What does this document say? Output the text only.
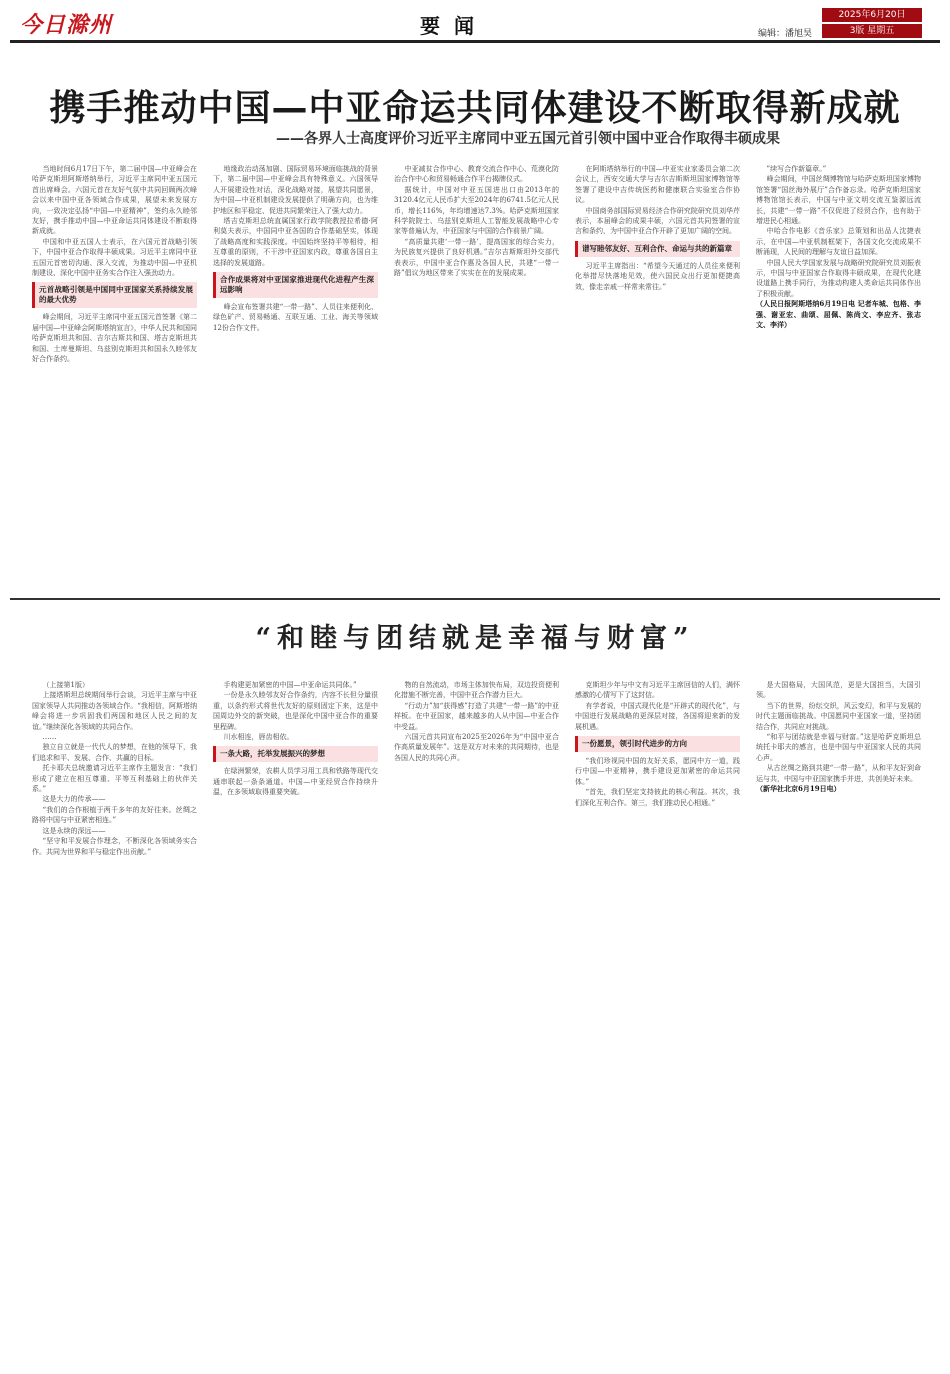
今日滁州	要闻	2025年6月20日
编辑：潘旭昊	3版 星期五
携手推动中国—中亚命运共同体建设不断取得新成就
——各界人士高度评价习近平主席同中亚五国元首引领中国中亚合作取得丰硕成果

当地时间6月17日下午，第二届中国—中亚峰会在哈萨克斯坦阿斯塔纳举行，习近平主席同中亚五国元首出席峰会。六国元首在友好气氛中共同回顾两次峰会以来中国中亚各领域合作成果，展望未来发展方向，一致决定弘扬“中国—中亚精神”，签约永久睦邻友好，携手推动中国—中亚命运共同体建设不断取得新成就。

中国和中亚五国人士表示，在六国元首战略引领下，中国中亚合作取得丰硕成果。习近平主席同中亚五国元首密切沟通、深入交流，为推动中国—中亚机制建设、深化中国中亚务实合作注入强劲动力。

元首战略引领是中国同中亚国家关系持续发展的最大优势

峰会期间，习近平主席同中亚五国元首签署《第二届中国—中亚峰会阿斯塔纳宣言》，中华人民共和国同哈萨克斯坦共和国、吉尔吉斯共和国、塔吉克斯坦共和国、土库曼斯坦、乌兹别克斯坦共和国永久睦邻友好合作条约。

地缘政治动荡加剧、国际贸易环境面临挑战的背景下，第二届中国—中亚峰会具有特殊意义。六国领导人开展建设性对话，深化战略对接，展望共同愿景，为中国—中亚机制建设发展提供了明确方向，也为维护地区和平稳定、促进共同繁荣注入了强大动力。

塔吉克斯坦总统直属国家行政学院教授拉希德·阿利莫夫表示，中国同中亚各国的合作基础坚实，体现了战略高度和实践深度。中国始终坚持平等相待，相互尊重的原则，不干涉中亚国家内政，尊重各国自主选择的发展道路。

合作成果将对中亚国家推进现代化进程产生深远影响

峰会宣布签署共建“一带一路”、人员往来便利化、绿色矿产、贸易畅通、互联互通、工业、海关等领域12份合作文件。

中亚减贫合作中心、教育交流合作中心、荒漠化防治合作中心和贸易畅通合作平台揭牌仪式。

据统计，中国对中亚五国进出口由2013年的3120.4亿元人民币扩大至2024年的6741.5亿元人民币，增长116%，年均增速达7.3%。哈萨克斯坦国家科学院院士、乌兹别克斯坦人工智能发展战略中心专家等普遍认为，中亚国家与中国的合作前景广阔。

“高质量共建‘一带一路’，提高国家的综合实力，为民族复兴提供了良好机遇。”吉尔吉斯斯坦外交部代表表示，中国中亚合作惠及各国人民，共建“一带一路”倡议为地区带来了实实在在的发展成果。

在阿斯塔纳举行的中国—中亚实业家委员会第二次会议上，西安交通大学与吉尔吉斯斯坦国家博物馆等签署了建设中吉传统医药和健康联合实验室合作协议。

中国商务部国际贸易经济合作研究院研究员刘华芹表示，本届峰会的成果丰硕，六国元首共同签署的宣言和条约，为中国中亚合作开辟了更加广阔的空间。

谱写睦邻友好、互利合作、命运与共的新篇章

习近平主席指出：“希望今天通过的人员往来便利化举措尽快落地见效，使六国民众出行更加便捷高效，像走亲戚一样常来常往。”

”续写合作新篇章。”

峰会期间，中国丝绸博物馆与哈萨克斯坦国家博物馆签署“国丝海外展厅”合作备忘录。哈萨克斯坦国家博物馆馆长表示，中国与中亚文明交流互鉴源远流长，共建“一带一路”不仅促进了经贸合作，也有助于增进民心相通。

中哈合作电影《音乐家》总策划和出品人沈捷表示，在中国—中亚机制框架下，各国文化交流成果不断涌现，人民间的理解与友谊日益加深。

中国人民大学国家发展与战略研究院研究员刘振表示，中国与中亚国家合作取得丰硕成果，在现代化建设道路上携手同行，为推动构建人类命运共同体作出了积极贡献。

（人民日报阿斯塔纳6月19日电 记者车城、包格、李强、谢亚宏、曲颂、屈佩、陈尚文、李应齐、张志文、李洋）

“和睦与团结就是幸福与财富”

（上接第1版）

上接塔斯坦总统期间举行会谈，习近平主席与中亚国家领导人共同推动各领域合作。“我相信，阿斯塔纳峰会将进一步巩固我们两国和地区人民之间的友谊。”继续深化各领域的共同合作。

……

独立自立就是一代代人的梦想，在他的领导下，我们追求和平、发展、合作、共赢的目标。

托卡耶夫总统邀请习近平主席作主题发言：“我们形成了建立在相互尊重、平等互利基础上的伙伴关系。”

这是大力的传承——

“我们的合作根植于两千多年的友好往来。丝绸之路将中国与中亚紧密相连。”

这是永续的深远——

“坚守和平发展合作理念，不断深化各领域务实合作。共同为世界和平与稳定作出贡献。”

手构建更加紧密的中国—中亚命运共同体。”

一份是永久睦邻友好合作条约，内容不长但分量很重，以条约形式将世代友好的原则固定下来，这是中国周边外交的新突破，也是深化中国中亚合作的重要里程碑。

川水相连，唇齿相依。

一条大路，托举发展振兴的梦想

在绿洲繁荣，农耕人员学习用工具和铁路等现代交通串联起一条条通道。中国—中亚经贸合作持续升温，在多领域取得重要突破。

物的自然流动，市场主体加快布局，双边投资便利化措施不断完善，中国中亚合作潜力巨大。

“行动力”加“获得感”打造了共建“一带一路”的中亚样板。在中亚国家，越来越多的人从中国—中亚合作中受益。

六国元首共同宣布2025至2026年为“中国中亚合作高质量发展年”。这是双方对未来的共同期待，也是各国人民的共同心声。

克斯坦少年与中文有习近平主席回信的人们，满怀感激的心情写下了这封信。

有学者说，中国式现代化是“开辟式的现代化”，与中国进行发展战略的更深层对接，各国将迎来新的发展机遇。

一份愿景，领引时代进步的方向

“我们珍视同中国的友好关系，愿同中方一道，践行中国—中亚精神，携手建设更加紧密的命运共同体。”

“首先，我们坚定支持彼此的核心利益。其次，我们深化互利合作。第三，我们推动民心相通。”

是大国格局，大国风范，更是大国担当，大国引领。

当下的世界，纷纭交织，风云变幻，和平与发展的时代主题面临挑战。中国愿同中亚国家一道，坚持团结合作，共同应对挑战。

“和平与团结就是幸福与财富。”这是哈萨克斯坦总统托卡耶夫的感言，也是中国与中亚国家人民的共同心声。

从古丝绸之路到共建“一带一路”，从和平友好到命运与共，中国与中亚国家携手并进，共创美好未来。

（新华社北京6月19日电）
